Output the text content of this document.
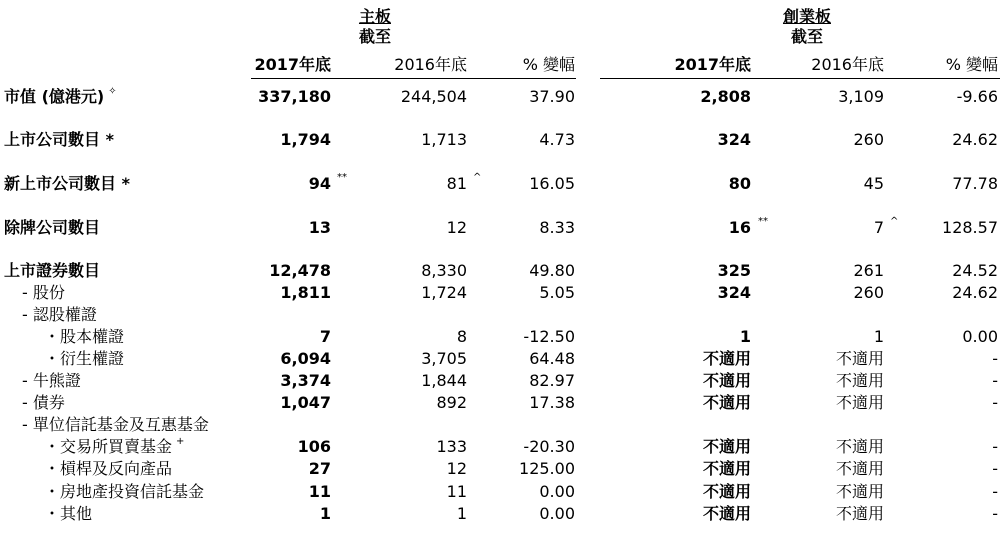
主板
截至
創業板
截至
2017年底	2016年底	% 變幅	2017年底	2016年底	% 變幅
市值 (億港元) ✧	337,180	244,504	37.90	2,808	3,109	-9.66
上市公司數目 *	1,794	1,713	4.73	324	260	24.62
新上市公司數目 *	94	81	16.05	80	45	77.78
**	^
除牌公司數目	13	12	8.33	16	7	128.57
**	^
上市證券數目	12,478	8,330	49.80	325	261	24.52
- 股份	1,811	1,724	5.05	324	260	24.62
- 認股權證
・股本權證	7	8	-12.50	1	1	0.00
・衍生權證	6,094	3,705	64.48	不適用	不適用	-
- 牛熊證	3,374	1,844	82.97	不適用	不適用	-
- 債券	1,047	892	17.38	不適用	不適用	-
- 單位信託基金及互惠基金
・交易所買賣基金 +	106	133	-20.30	不適用	不適用	-
・槓桿及反向產品	27	12	125.00	不適用	不適用	-
・房地產投資信託基金	11	11	0.00	不適用	不適用	-
・其他	1	1	0.00	不適用	不適用	-
